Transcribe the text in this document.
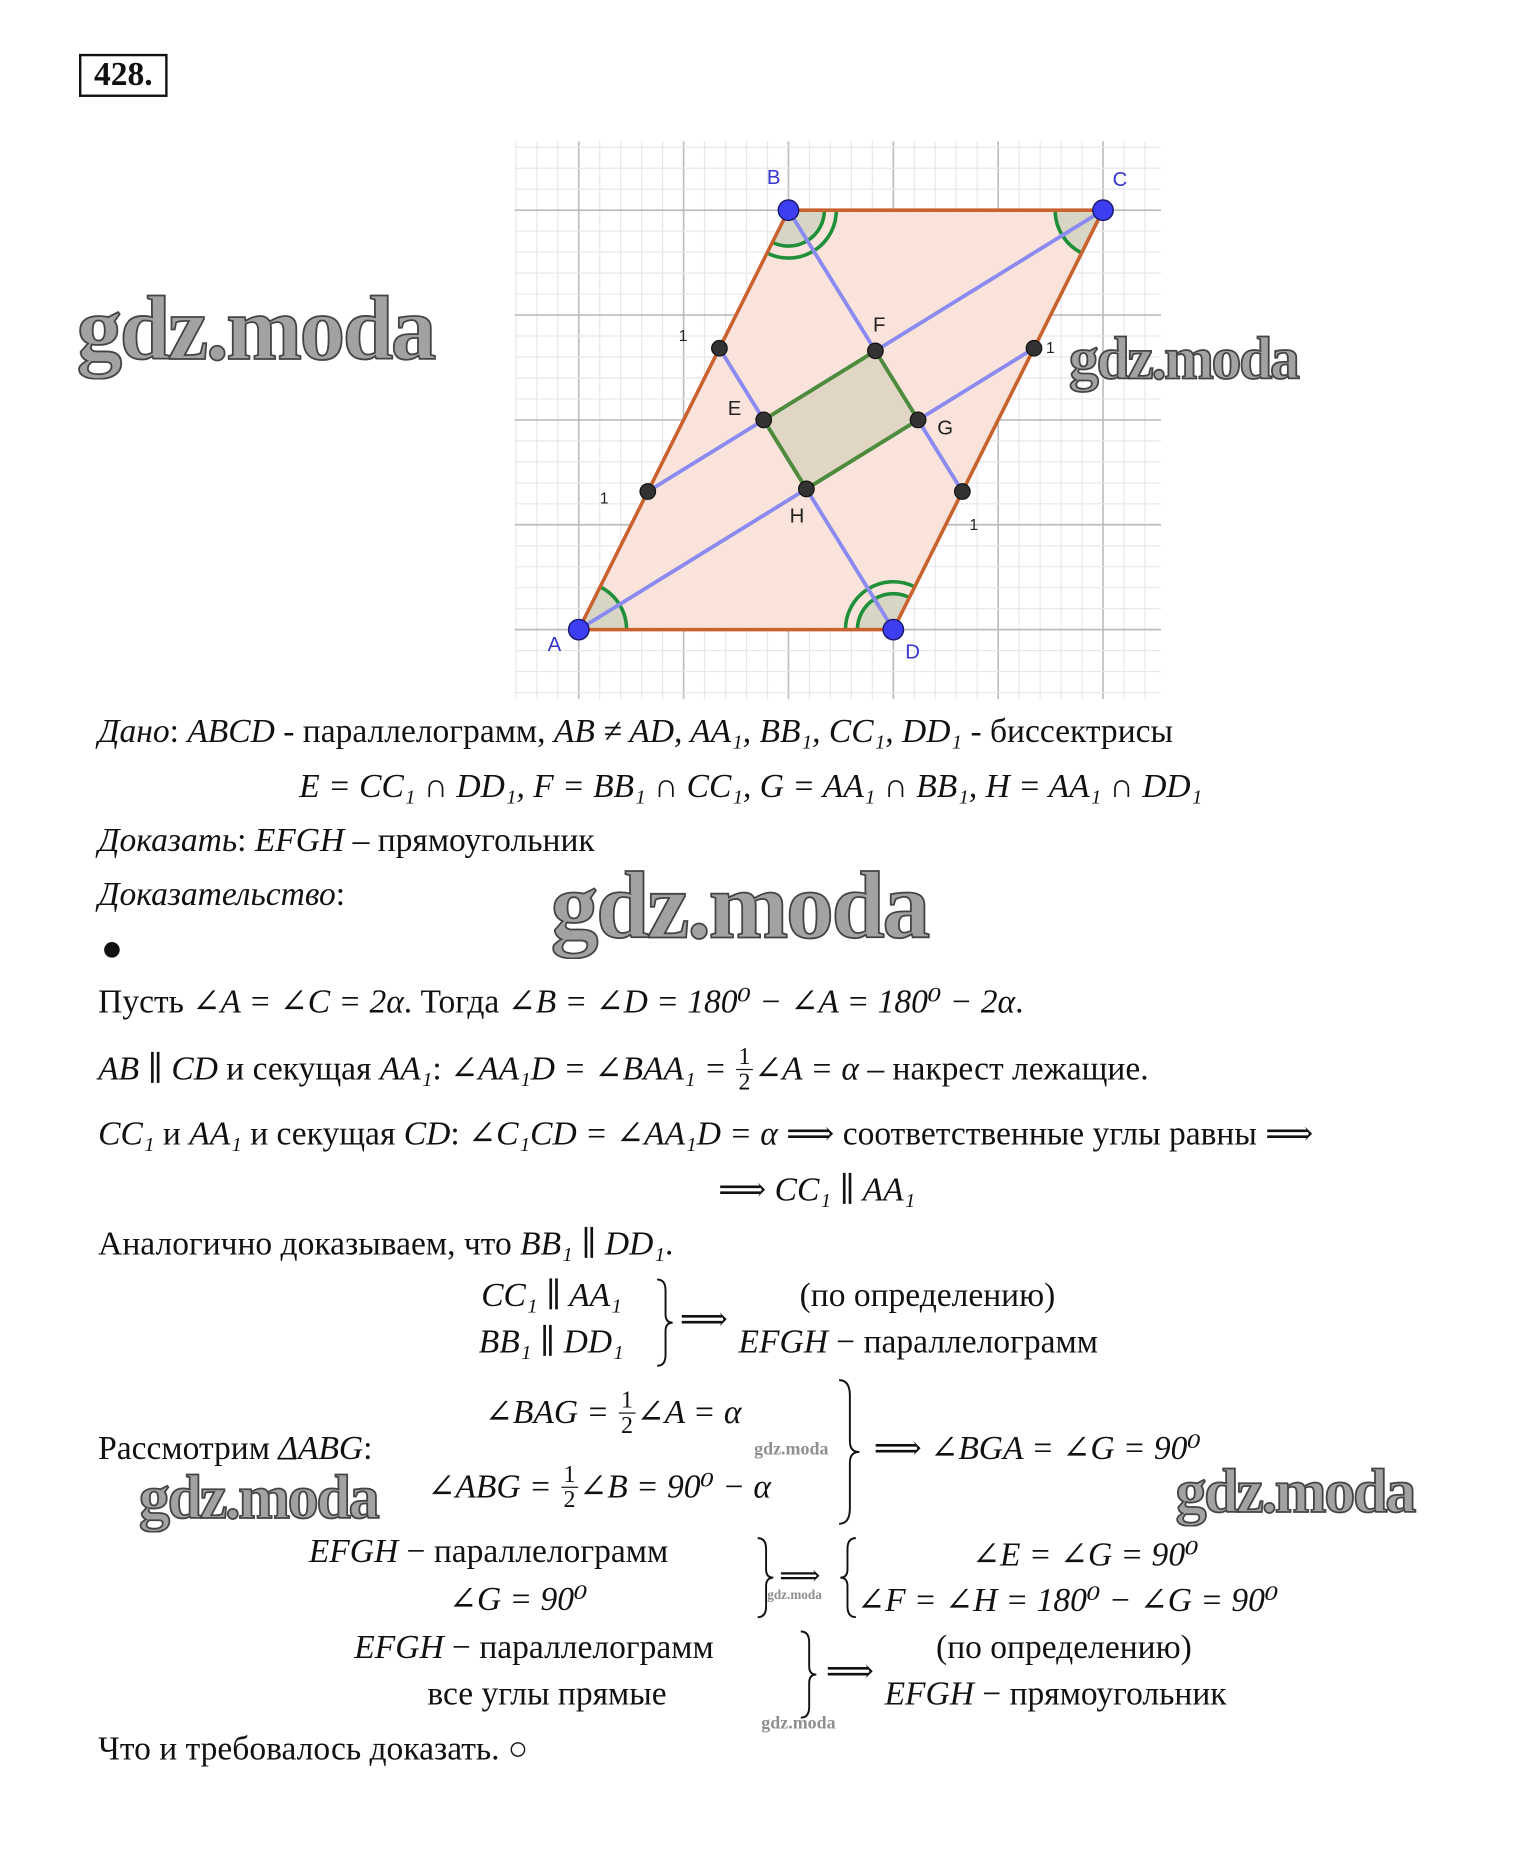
428.
$_1$
$_1$
$_1$
$_1$
E
F
G
H
A
B	C
D
Дано: ABCD - параллелограмм, AB ≠ AD, AA₁, BB₁, CC₁, DD₁ - биссектрисы
E = CC₁ ∩ DD₁, F = BB₁ ∩ CC₁, G = AA₁ ∩ BB₁, H = AA₁ ∩ DD₁
Доказать: EFGH – прямоугольник
Доказательство:
Пусть ∠A = ∠C = 2α. Тогда ∠B = ∠D = 180⁰ − ∠A = 180⁰ − 2α.
AB ∥ CD и секущая AA₁: ∠AA₁D = ∠BAA₁ = $\frac{1}{2}$ ∠A = α – накрест лежащие.
CC₁ и AA₁ и секущая CD: ∠C₁CD = ∠AA₁D = α ⟹ соответственные углы равны ⟹
⟹ CC₁ ∥ AA₁
Аналогично доказываем, что BB₁ ∥ DD₁.
CC₁ ∥ AA₁
BB₁ ∥ DD₁
⟹
(по определению)
EFGH − параллелограмм
Рассмотрим ΔABG:
∠BAG = $\frac{1}{2}$ ∠A = α
∠ABG = $\frac{1}{2}$ ∠B = 90⁰ − α
⟹ ∠BGA = ∠G = 90⁰
EFGH − параллелограмм
∠G = 90⁰
⟹
∠E = ∠G = 90⁰
∠F = ∠H = 180⁰ − ∠G = 90⁰
EFGH − параллелограмм
все углы прямые
⟹
(по определению)
EFGH − прямоугольник
Что и требовалось доказать. ○
gdz.moda	gdz.moda
gdz.moda
gdz.moda	gdz.moda
gdz.moda
gdz.moda
gdz.moda
